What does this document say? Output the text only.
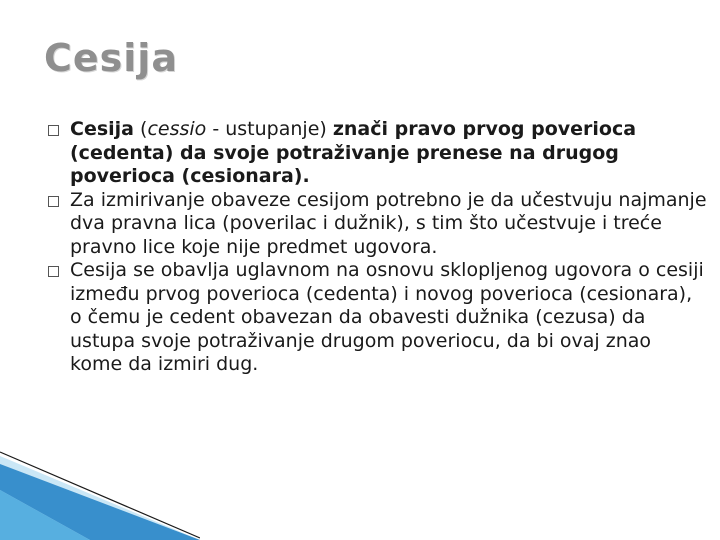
Cesija
Cesija (cessio - ustupanje) znači pravo prvog poverioca (cedenta) da svoje potraživanje prenese na drugog poverioca (cesionara).
Za izmirivanje obaveze cesijom potrebno je da učestvuju najmanje dva pravna lica (poverilac i dužnik), s tim što učestvuje i treće pravno lice koje nije predmet ugovora.
Cesija se obavlja uglavnom na osnovu sklopljenog ugovora o cesiji između prvog poverioca (cedenta) i novog poverioca (cesionara), o čemu je cedent obavezan da obavesti dužnika (cezusa) da ustupa svoje potraživanje drugom poveriocu, da bi ovaj znao kome da izmiri dug.
